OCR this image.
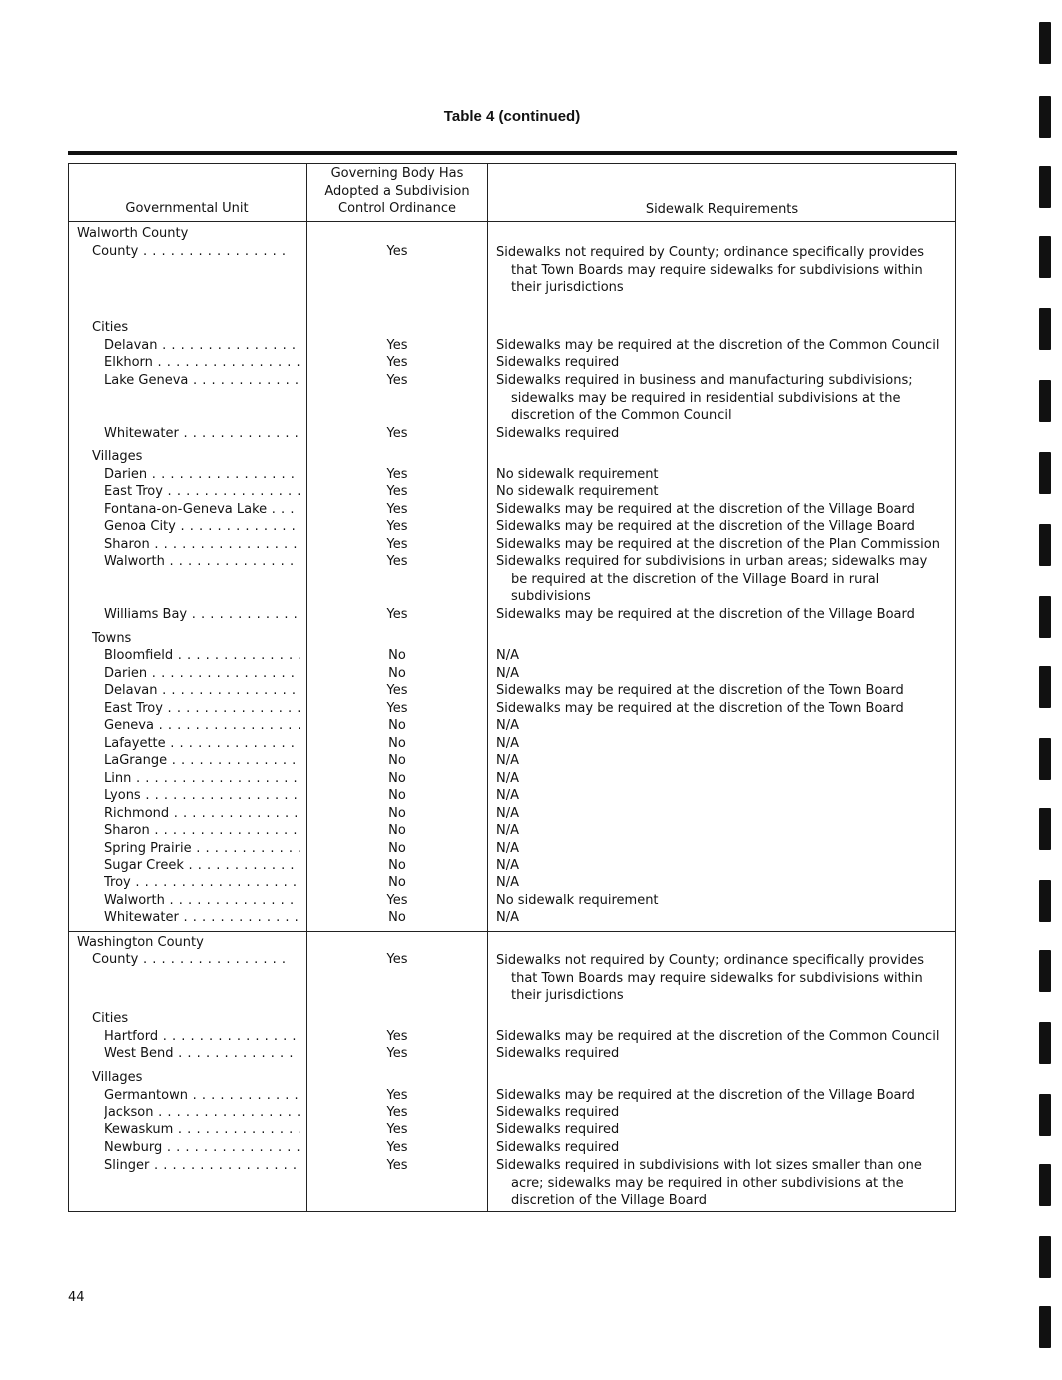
Table 4 (continued)
Governmental Unit
Governing Body Has
Adopted a Subdivision
Control Ordinance	Sidewalk Requirements
Walworth County
County . . .	Yes	Sidewalks not required by County; ordinance specifically provides
that Town Boards may require sidewalks for subdivisions within
their jurisdictions
Cities
Delavan . . .	Yes	Sidewalks may be required at the discretion of the Common Council
Elkhorn . . .	Yes	Sidewalks required
Lake Geneva . . .	Yes	Sidewalks required in business and manufacturing subdivisions;
sidewalks may be required in residential subdivisions at the
discretion of the Common Council
Whitewater . . .	Yes	Sidewalks required
Villages
Darien . . .	Yes	No sidewalk requirement
East Troy . . .	Yes	No sidewalk requirement
Fontana-on-Geneva Lake . . .	Yes	Sidewalks may be required at the discretion of the Village Board
Genoa City . . .	Yes	Sidewalks may be required at the discretion of the Village Board
Sharon . . .	Yes	Sidewalks may be required at the discretion of the Plan Commission
Walworth . . .	Yes	Sidewalks required for subdivisions in urban areas; sidewalks may
be required at the discretion of the Village Board in rural
subdivisions
Williams Bay . . .	Yes	Sidewalks may be required at the discretion of the Village Board
Towns
Bloomfield . . .	No	N/A
Darien . . .	No	N/A
Delavan . . .	Yes	Sidewalks may be required at the discretion of the Town Board
East Troy . . .	Yes	Sidewalks may be required at the discretion of the Town Board
Geneva . . .	No	N/A
Lafayette . . .	No	N/A
LaGrange . . .	No	N/A
Linn . . .	No	N/A
Lyons . . .	No	N/A
Richmond . . .	No	N/A
Sharon . . .	No	N/A
Spring Prairie . . .	No	N/A
Sugar Creek . . .	No	N/A
Troy . . .	No	N/A
Walworth . . .	Yes	No sidewalk requirement
Whitewater . . .	No	N/A
Washington County
County . . .	Yes	Sidewalks not required by County; ordinance specifically provides
that Town Boards may require sidewalks for subdivisions within
their jurisdictions
Cities
Hartford . . .	Yes	Sidewalks may be required at the discretion of the Common Council
West Bend . . .	Yes	Sidewalks required
Villages
Germantown . . .	Yes	Sidewalks may be required at the discretion of the Village Board
Jackson . . .	Yes	Sidewalks required
Kewaskum . . .	Yes	Sidewalks required
Newburg . . .	Yes	Sidewalks required
Slinger . . .	Yes	Sidewalks required in subdivisions with lot sizes smaller than one
acre; sidewalks may be required in other subdivisions at the
discretion of the Village Board
44
